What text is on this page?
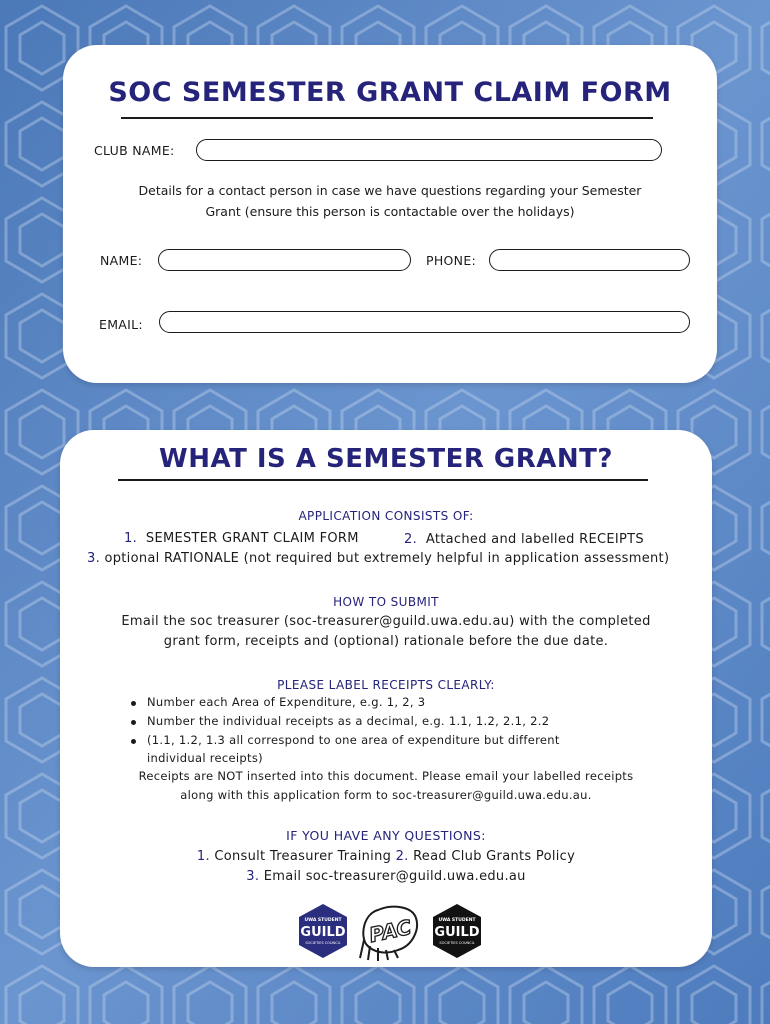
SOC SEMESTER GRANT CLAIM FORM
CLUB NAME:
Details for a contact person in case we have questions regarding your Semester
Grant (ensure this person is contactable over the holidays)
NAME:	PHONE:
EMAIL:
WHAT IS A SEMESTER GRANT?
APPLICATION CONSISTS OF:
1. SEMESTER GRANT CLAIM FORM	2. Attached and labelled RECEIPTS
3. optional RATIONALE (not required but extremely helpful in application assessment)
HOW TO SUBMIT
Email the soc treasurer (soc-treasurer@guild.uwa.edu.au) with the completed
grant form, receipts and (optional) rationale before the due date.
PLEASE LABEL RECEIPTS CLEARLY:
Number each Area of Expenditure, e.g. 1, 2, 3
Number the individual receipts as a decimal, e.g. 1.1, 1.2, 2.1, 2.2
(1.1, 1.2, 1.3 all correspond to one area of expenditure but different
individual receipts)
Receipts are NOT inserted into this document. Please email your labelled receipts
along with this application form to soc-treasurer@guild.uwa.edu.au.
IF YOU HAVE ANY QUESTIONS:
1. Consult Treasurer Training 2. Read Club Grants Policy
3. Email soc-treasurer@guild.uwa.edu.au
UWA STUDENT
GUILD
SOCIETIES COUNCIL PAC	UWA STUDENT
GUILD
SOCIETIES COUNCIL
